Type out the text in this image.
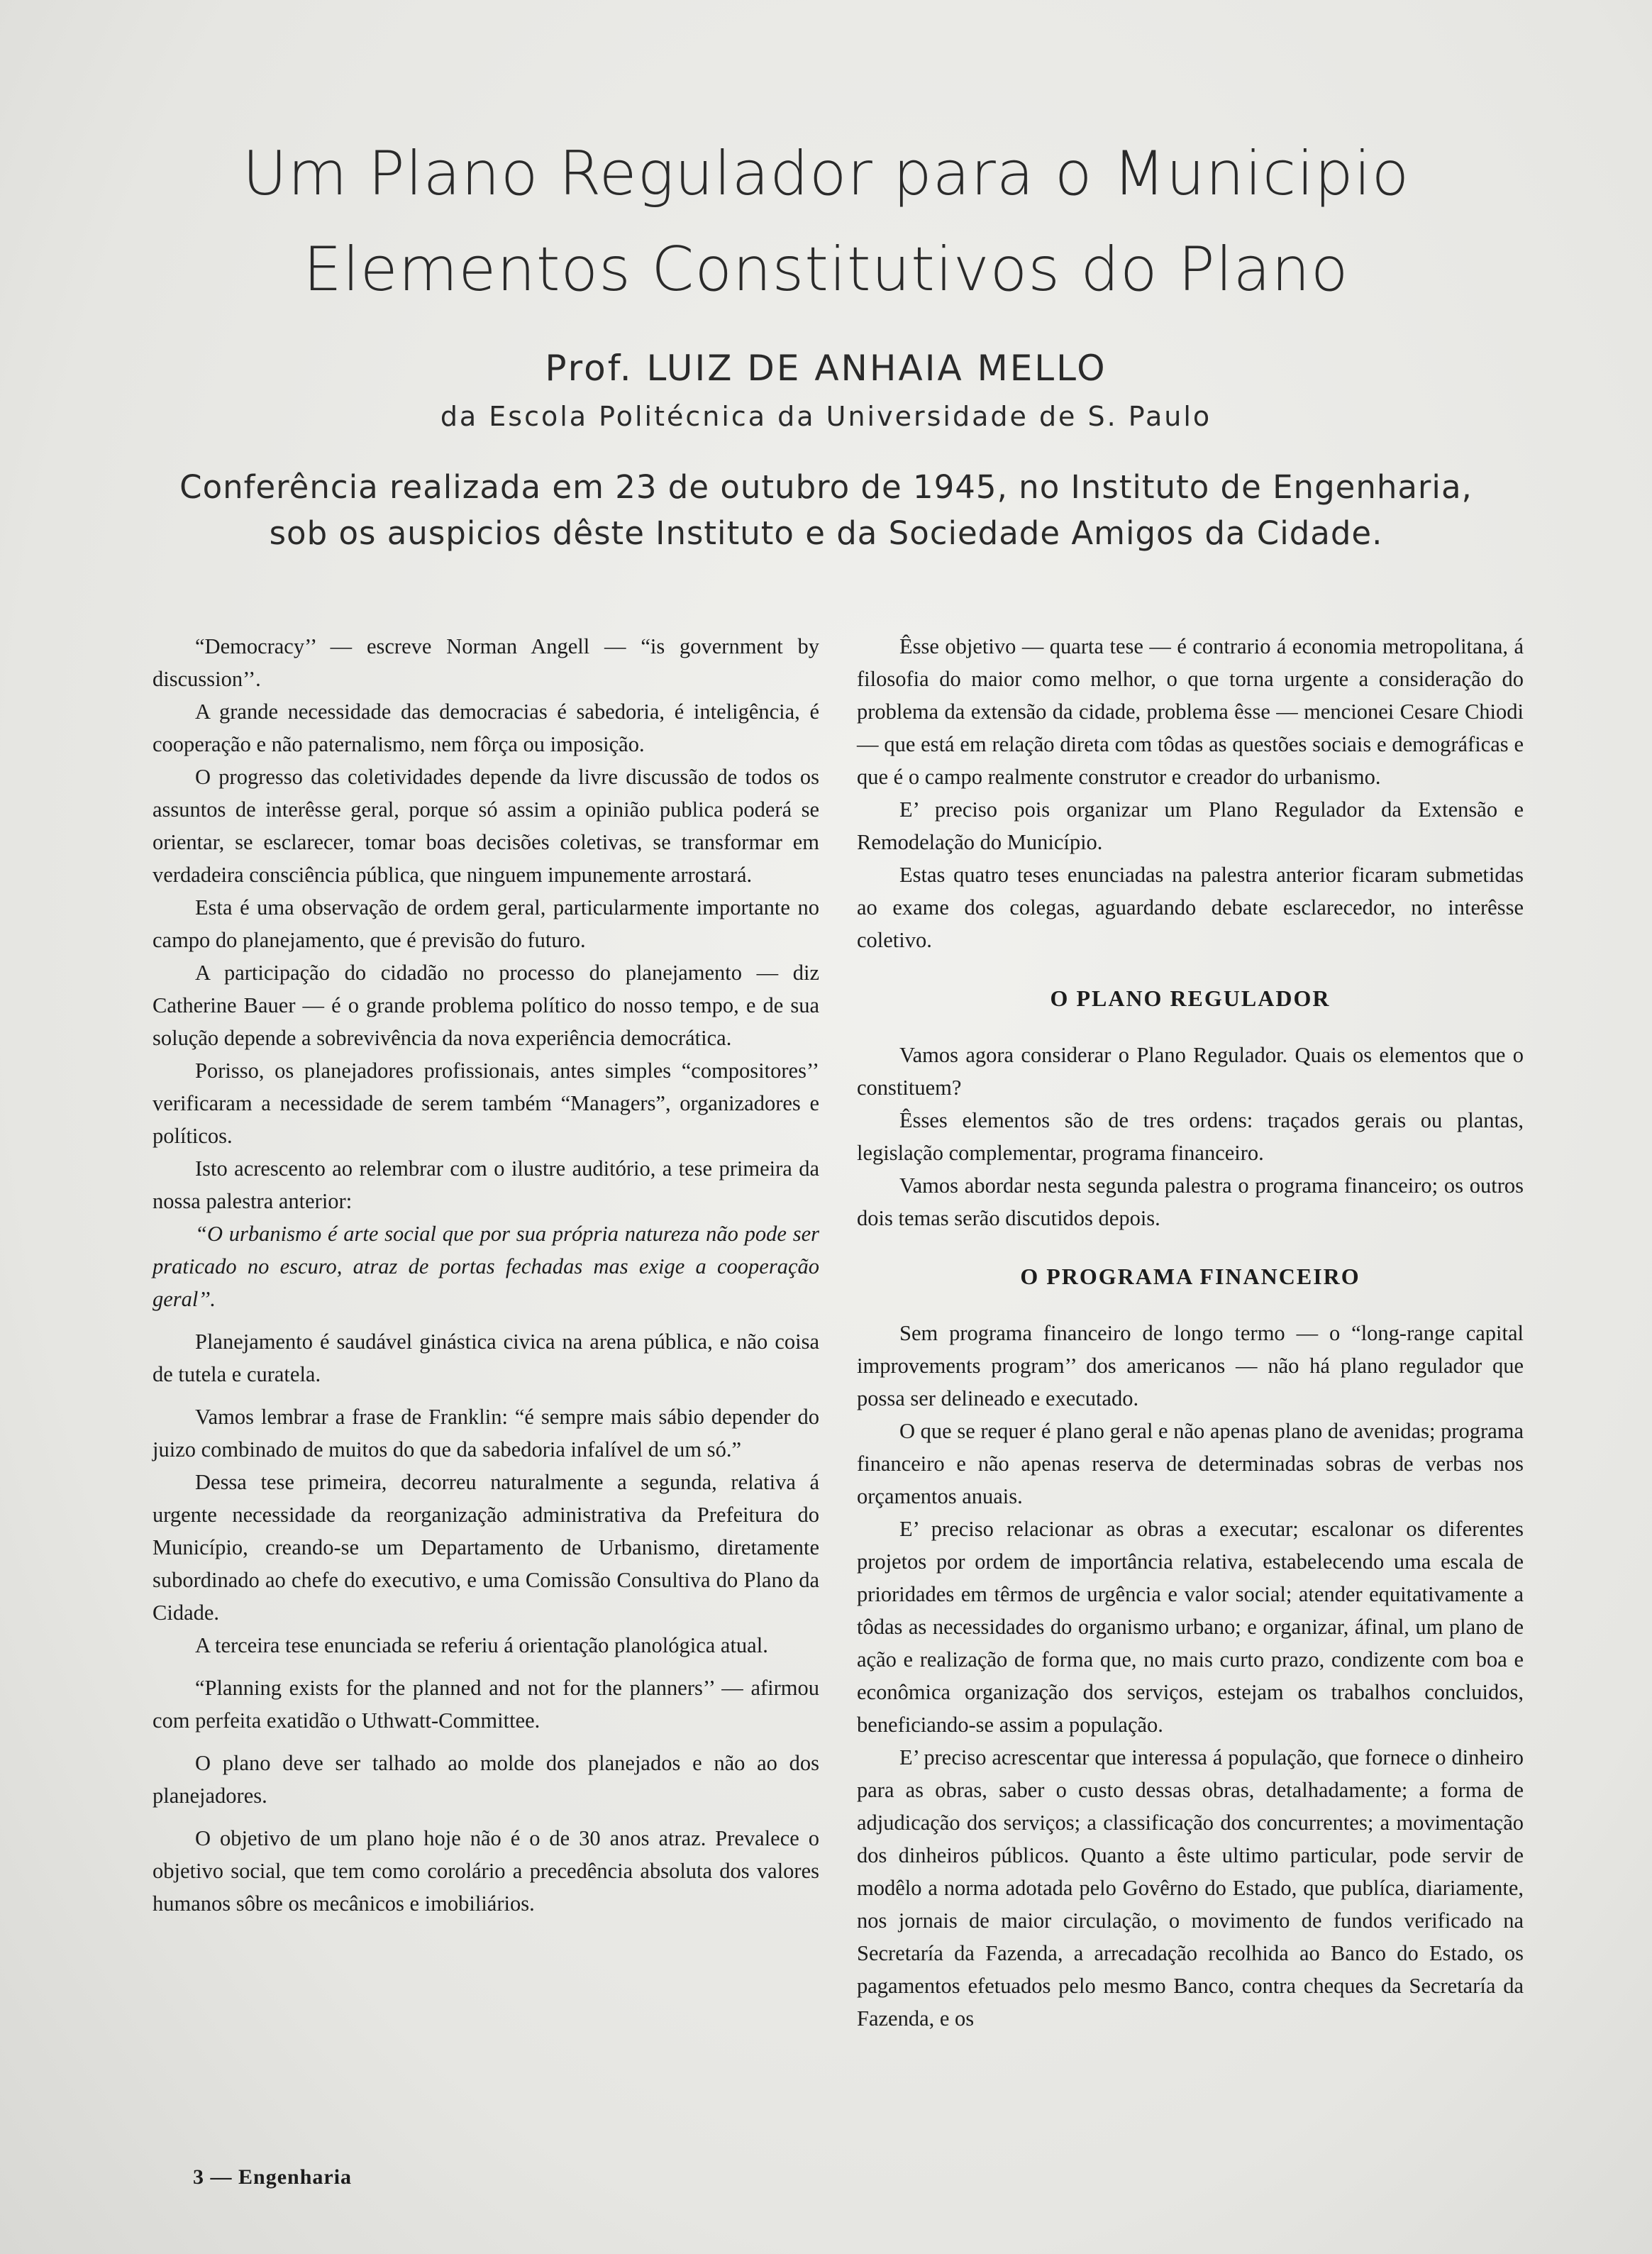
Um Plano Regulador para o Municipio
Elementos Constitutivos do Plano
Prof. LUIZ DE ANHAIA MELLO
da Escola Politécnica da Universidade de S. Paulo
Conferência realizada em 23 de outubro de 1945, no Instituto de Engenharia,
sob os auspicios dêste Instituto e da Sociedade Amigos da Cidade.

“Democracy’’ — escreve Norman Angell — “is government by discussion’’.

A grande necessidade das democracias é sabedoria, é inteligência, é cooperação e não paternalismo, nem fôrça ou imposição.

O progresso das coletividades depende da livre discussão de todos os assuntos de interêsse geral, porque só assim a opinião publica poderá se orientar, se esclarecer, tomar boas decisões coletivas, se transformar em verdadeira consciência pública, que ninguem impunemente arrostará.

Esta é uma observação de ordem geral, particularmente importante no campo do planejamento, que é previsão do futuro.

A participação do cidadão no processo do planejamento — diz Catherine Bauer — é o grande problema político do nosso tempo, e de sua solução depende a sobrevivência da nova experiência democrática.

Porisso, os planejadores profissionais, antes simples “compositores’’ verificaram a necessidade de serem também “Managers”, organizadores e políticos.

Isto acrescento ao relembrar com o ilustre auditório, a tese primeira da nossa palestra anterior:

“O urbanismo é arte social que por sua própria natureza não pode ser praticado no escuro, atraz de portas fechadas mas exige a cooperação geral’’.

Planejamento é saudável ginástica civica na arena pública, e não coisa de tutela e curatela.

Vamos lembrar a frase de Franklin: “é sempre mais sábio depender do juizo combinado de muitos do que da sabedoria infalível de um só.”

Dessa tese primeira, decorreu naturalmente a segunda, relativa á urgente necessidade da reorganização administrativa da Prefeitura do Município, creando-se um Departamento de Urbanismo, diretamente subordinado ao chefe do executivo, e uma Comissão Consultiva do Plano da Cidade.

A terceira tese enunciada se referiu á orientação planológica atual.

“Planning exists for the planned and not for the planners’’ — afirmou com perfeita exatidão o Uthwatt-Committee.

O plano deve ser talhado ao molde dos planejados e não ao dos planejadores.

O objetivo de um plano hoje não é o de 30 anos atraz. Prevalece o objetivo social, que tem como corolário a precedência absoluta dos valores humanos sôbre os mecânicos e imobiliários.

Êsse objetivo — quarta tese — é contrario á economia metropolitana, á filosofia do maior como melhor, o que torna urgente a consideração do problema da extensão da cidade, problema êsse — mencionei Cesare Chiodi — que está em relação direta com tôdas as questões sociais e demográficas e que é o campo realmente construtor e creador do urbanismo.

E’ preciso pois organizar um Plano Regulador da Extensão e Remodelação do Município.

Estas quatro teses enunciadas na palestra anterior ficaram submetidas ao exame dos colegas, aguardando debate esclarecedor, no interêsse coletivo.

O PLANO REGULADOR

Vamos agora considerar o Plano Regulador. Quais os elementos que o constituem?

Êsses elementos são de tres ordens: traçados gerais ou plantas, legislação complementar, programa financeiro.

Vamos abordar nesta segunda palestra o programa financeiro; os outros dois temas serão discutidos depois.

O PROGRAMA FINANCEIRO

Sem programa financeiro de longo termo — o “long-range capital improvements program’’ dos americanos — não há plano regulador que possa ser delineado e executado.

O que se requer é plano geral e não apenas plano de avenidas; programa financeiro e não apenas reserva de determinadas sobras de verbas nos orçamentos anuais.

E’ preciso relacionar as obras a executar; escalonar os diferentes projetos por ordem de importância relativa, estabelecendo uma escala de prioridades em têrmos de urgência e valor social; atender equitativamente a tôdas as necessidades do organismo urbano; e organizar, áfinal, um plano de ação e realização de forma que, no mais curto prazo, condizente com boa e econômica organização dos serviços, estejam os trabalhos concluidos, beneficiando-se assim a população.

E’ preciso acrescentar que interessa á população, que fornece o dinheiro para as obras, saber o custo dessas obras, detalhadamente; a forma de adjudicação dos serviços; a classificação dos concurrentes; a movimentação dos dinheiros públicos. Quanto a êste ultimo particular, pode servir de modêlo a norma adotada pelo Govêrno do Estado, que publíca, diariamente, nos jornais de maior circulação, o movimento de fundos verificado na Secretaría da Fazenda, a arrecadação recolhida ao Banco do Estado, os pagamentos efetuados pelo mesmo Banco, contra cheques da Secretaría da Fazenda, e os

3 — Engenharia
